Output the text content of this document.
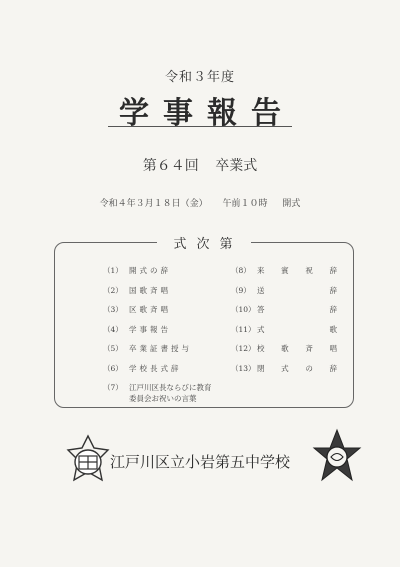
令和３年度
学事報告
第６４回 卒業式
令和４年３月１８日（金） 午前１０時 開式
式次第
（1） 開式の辞
（2） 国歌斉唱
（3） 区歌斉唱
（4） 学事報告
（5） 卒業証書授与
（6） 学校長式辞
（7） 江戸川区長ならびに教育委員会お祝いの言葉
（8） 来賓祝辞
（9） 送辞
（10） 答辞
（11） 式歌
（12） 校歌斉唱
（13） 閉式の辞
江戸川区立小岩第五中学校
